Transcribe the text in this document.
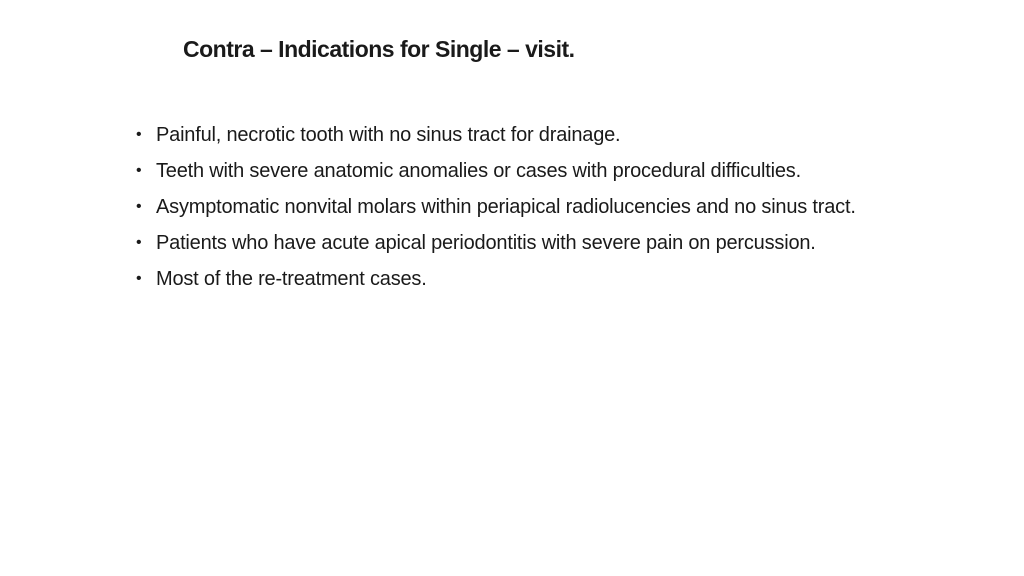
Contra – Indications for Single – visit.
• Painful, necrotic tooth with no sinus tract for drainage.
• Teeth with severe anatomic anomalies or cases with procedural difficulties.
• Asymptomatic nonvital molars within periapical radiolucencies and no sinus tract.
• Patients who have acute apical periodontitis with severe pain on percussion.
• Most of the re-treatment cases.
